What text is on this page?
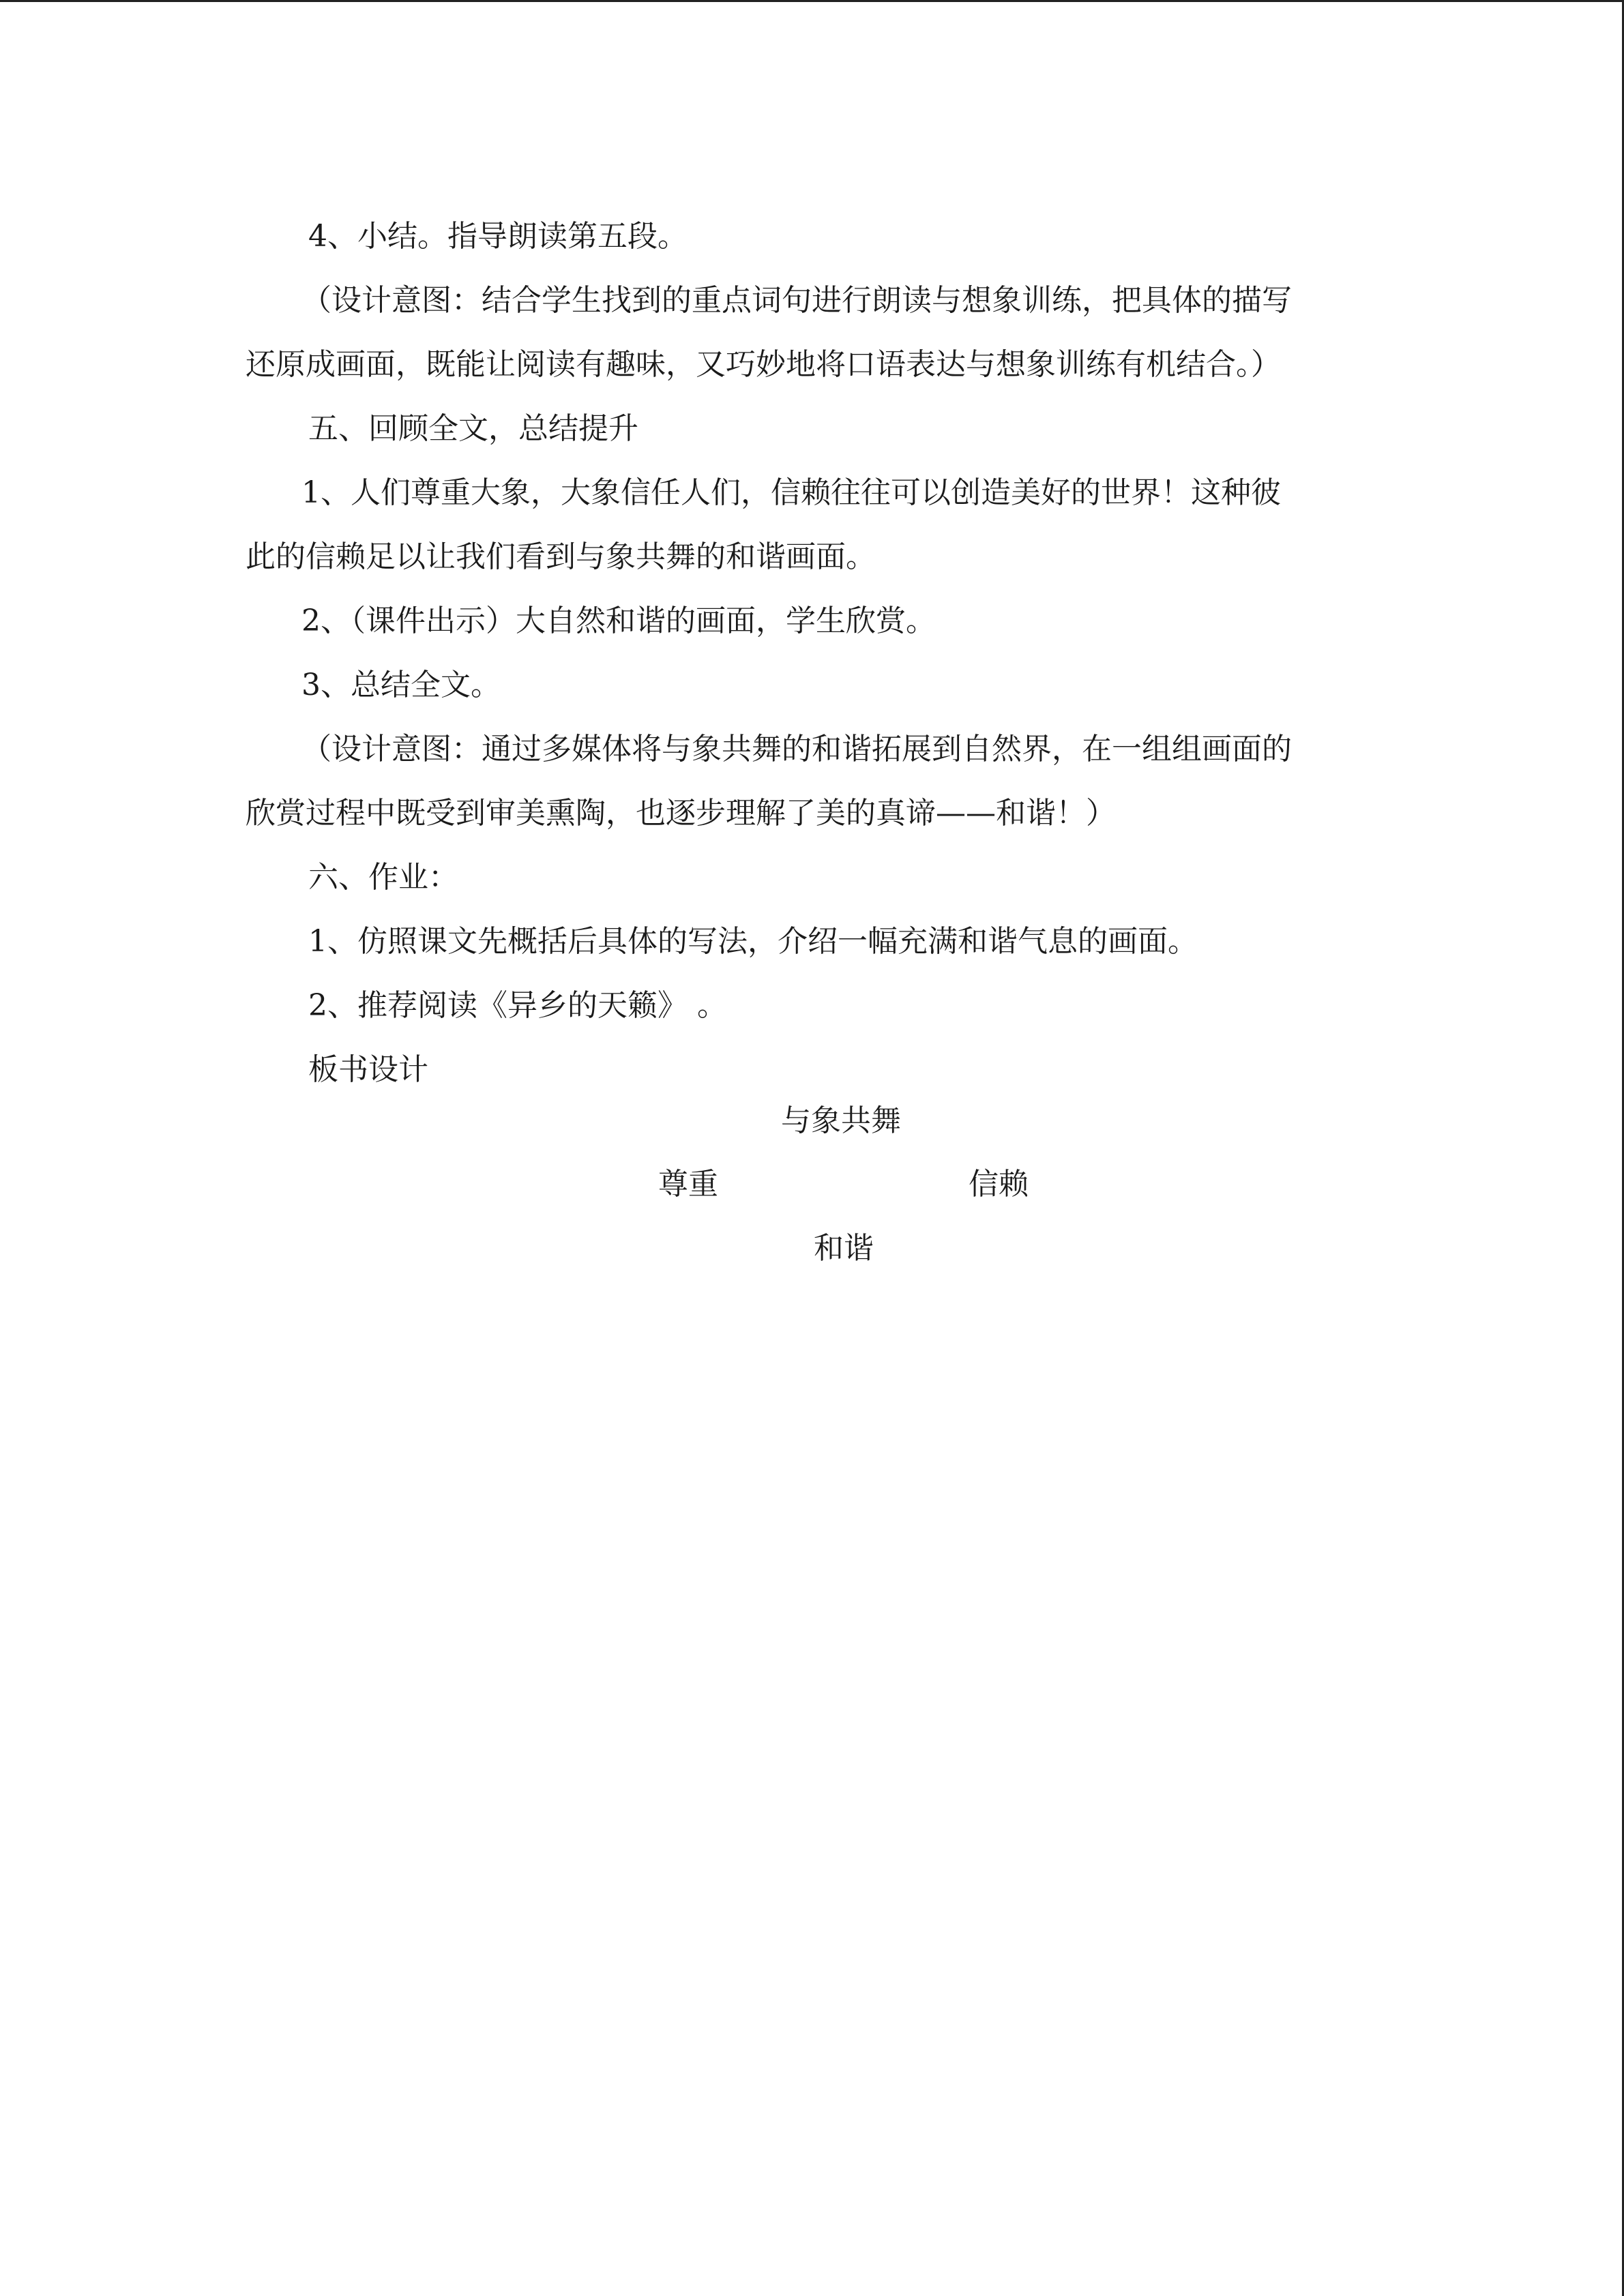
4、小结。指导朗读第五段。

（设计意图：结合学生找到的重点词句进行朗读与想象训练，把具体的描写

还原成画面，既能让阅读有趣味，又巧妙地将口语表达与想象训练有机结合。）

五、回顾全文，总结提升

1、人们尊重大象，大象信任人们，信赖往往可以创造美好的世界！这种彼

此的信赖足以让我们看到与象共舞的和谐画面。

2、（课件出示）大自然和谐的画面，学生欣赏。

3、总结全文。

（设计意图：通过多媒体将与象共舞的和谐拓展到自然界，在一组组画面的

欣赏过程中既受到审美熏陶，也逐步理解了美的真谛——和谐！）

六、作业：

1、仿照课文先概括后具体的写法，介绍一幅充满和谐气息的画面。

2、推荐阅读《异乡的天籁》 。

板书设计

与象共舞
尊重	信赖
和谐
